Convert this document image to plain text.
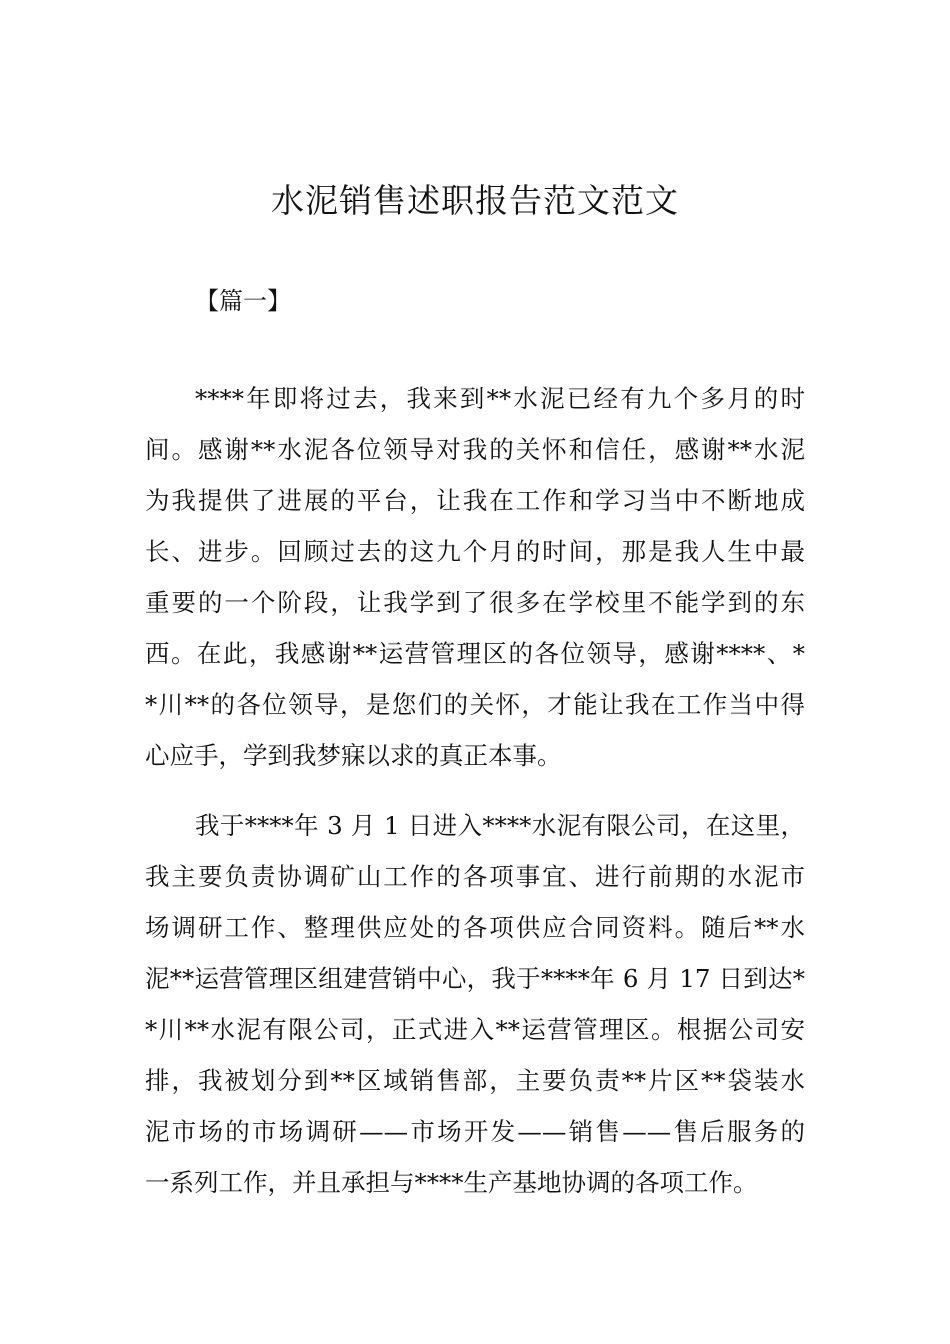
水泥销售述职报告范文范文
【篇一】
****年即将过去，我来到**水泥已经有九个多月的时
间。感谢**水泥各位领导对我的关怀和信任，感谢**水泥
为我提供了进展的平台，让我在工作和学习当中不断地成
长、进步。回顾过去的这九个月的时间，那是我人生中最
重要的一个阶段，让我学到了很多在学校里不能学到的东
西。在此，我感谢**运营管理区的各位领导，感谢****、*
*川**的各位领导，是您们的关怀，才能让我在工作当中得
心应手，学到我梦寐以求的真正本事。
我于****年 3 月 1 日进入****水泥有限公司，在这里，
我主要负责协调矿山工作的各项事宜、进行前期的水泥市
场调研工作、整理供应处的各项供应合同资料。随后**水
泥**运营管理区组建营销中心，我于****年 6 月 17 日到达*
*川**水泥有限公司，正式进入**运营管理区。根据公司安
排，我被划分到**区域销售部，主要负责**片区**袋装水
泥市场的市场调研——市场开发——销售——售后服务的
一系列工作，并且承担与****生产基地协调的各项工作。
